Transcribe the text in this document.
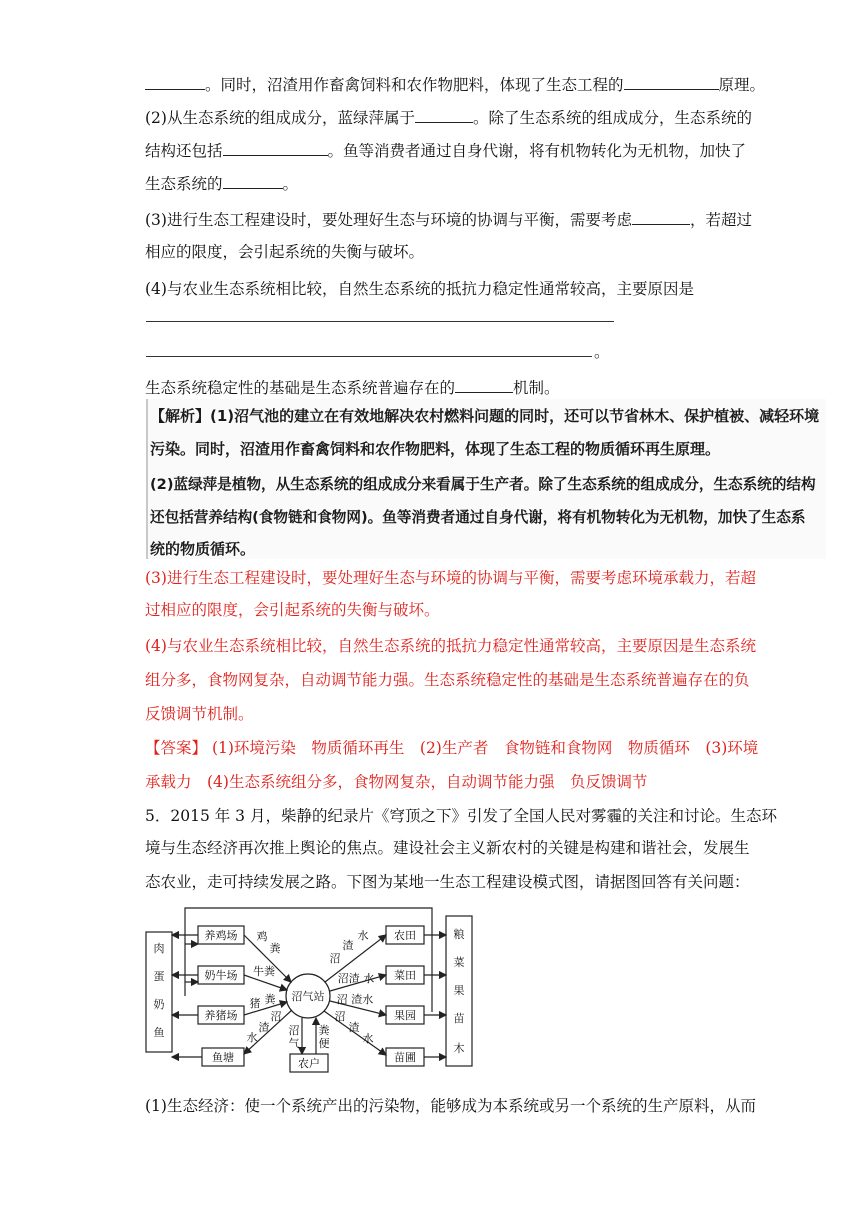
。同时，沼渣用作畜禽饲料和农作物肥料，体现了生态工程的	原理。
(2)从生态系统的组成成分，蓝绿萍属于	。除了生态系统的组成成分，生态系统的
结构还包括	。鱼等消费者通过自身代谢，将有机物转化为无机物，加快了
生态系统的	。
(3)进行生态工程建设时，要处理好生态与环境的协调与平衡，需要考虑	，若超过
相应的限度，会引起系统的失衡与破坏。
(4)与农业生态系统相比较，自然生态系统的抵抗力稳定性通常较高，主要原因是
。
生态系统稳定性的基础是生态系统普遍存在的	机制。
【解析】(1)沼气池的建立在有效地解决农村燃料问题的同时，还可以节省林木、保护植被、减轻环境
污染。同时，沼渣用作畜禽饲料和农作物肥料，体现了生态工程的物质循环再生原理。
(2)蓝绿萍是植物，从生态系统的组成成分来看属于生产者。除了生态系统的组成成分，生态系统的结构
还包括营养结构(食物链和食物网)。鱼等消费者通过自身代谢，将有机物转化为无机物，加快了生态系
统的物质循环。
(3)进行生态工程建设时，要处理好生态与环境的协调与平衡，需要考虑环境承载力，若超
过相应的限度，会引起系统的失衡与破坏。
(4)与农业生态系统相比较，自然生态系统的抵抗力稳定性通常较高，主要原因是生态系统
组分多，食物网复杂，自动调节能力强。生态系统稳定性的基础是生态系统普遍存在的负
反馈调节机制。
【答案】 (1)环境污染　物质循环再生　(2)生产者　食物链和食物网　物质循环　(3)环境
承载力　(4)生态系统组分多，食物网复杂，自动调节能力强　负反馈调节
5．2015 年 3 月，柴静的纪录片《穹顶之下》引发了全国人民对雾霾的关注和讨论。生态环
境与生态经济再次推上舆论的焦点。建设社会主义新农村的关键是构建和谐社会，发展生
态农业，走可持续发展之路。下图为某地一生态工程建设模式图，请据图回答有关问题：
养鸡场
奶牛场
养猪场
鱼塘
农田
菜田
果园
苗圃
农户
沼气站
肉
蛋
奶
鱼
粮
菜
果
苗
木
鸡
粪
牛粪
猪 粪
沼
渣
水
沼
气
粪
便
沼
渣
水
沼渣 水
沼 渣水
沼
渣
水
(1)生态经济：使一个系统产出的污染物，能够成为本系统或另一个系统的生产原料，从而
